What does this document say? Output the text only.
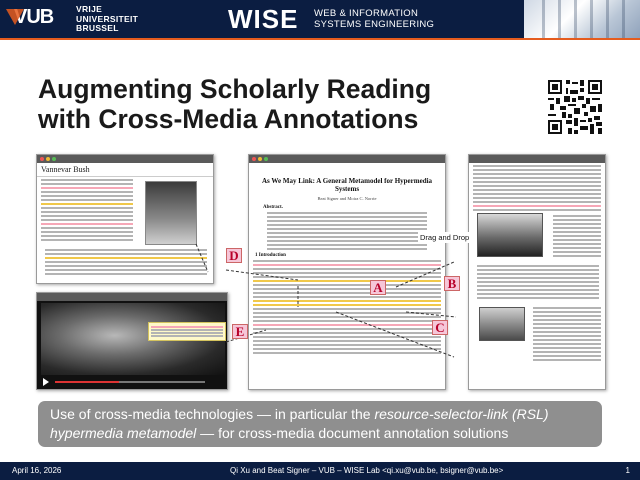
VUB	VRIJE
UNIVERSITEIT
BRUSSEL	WISE WEB & INFORMATION
SYSTEMS ENGINEERING
Augmenting Scholarly Reading
with Cross-Media Annotations
Vannevar Bush
As We May Link: A General Metamodel for Hypermedia Systems
Beat Signer and Moira C. Norrie
Abstract.
1 Introduction
D
A	B
C
E
Drag and Drop
Use of cross-media technologies — in particular the resource-selector-link (RSL) hypermedia metamodel — for cross-media document annotation solutions
April 16, 2026	Qi Xu and Beat Signer – VUB – WISE Lab <qi.xu@vub.be, bsigner@vub.be>	1
